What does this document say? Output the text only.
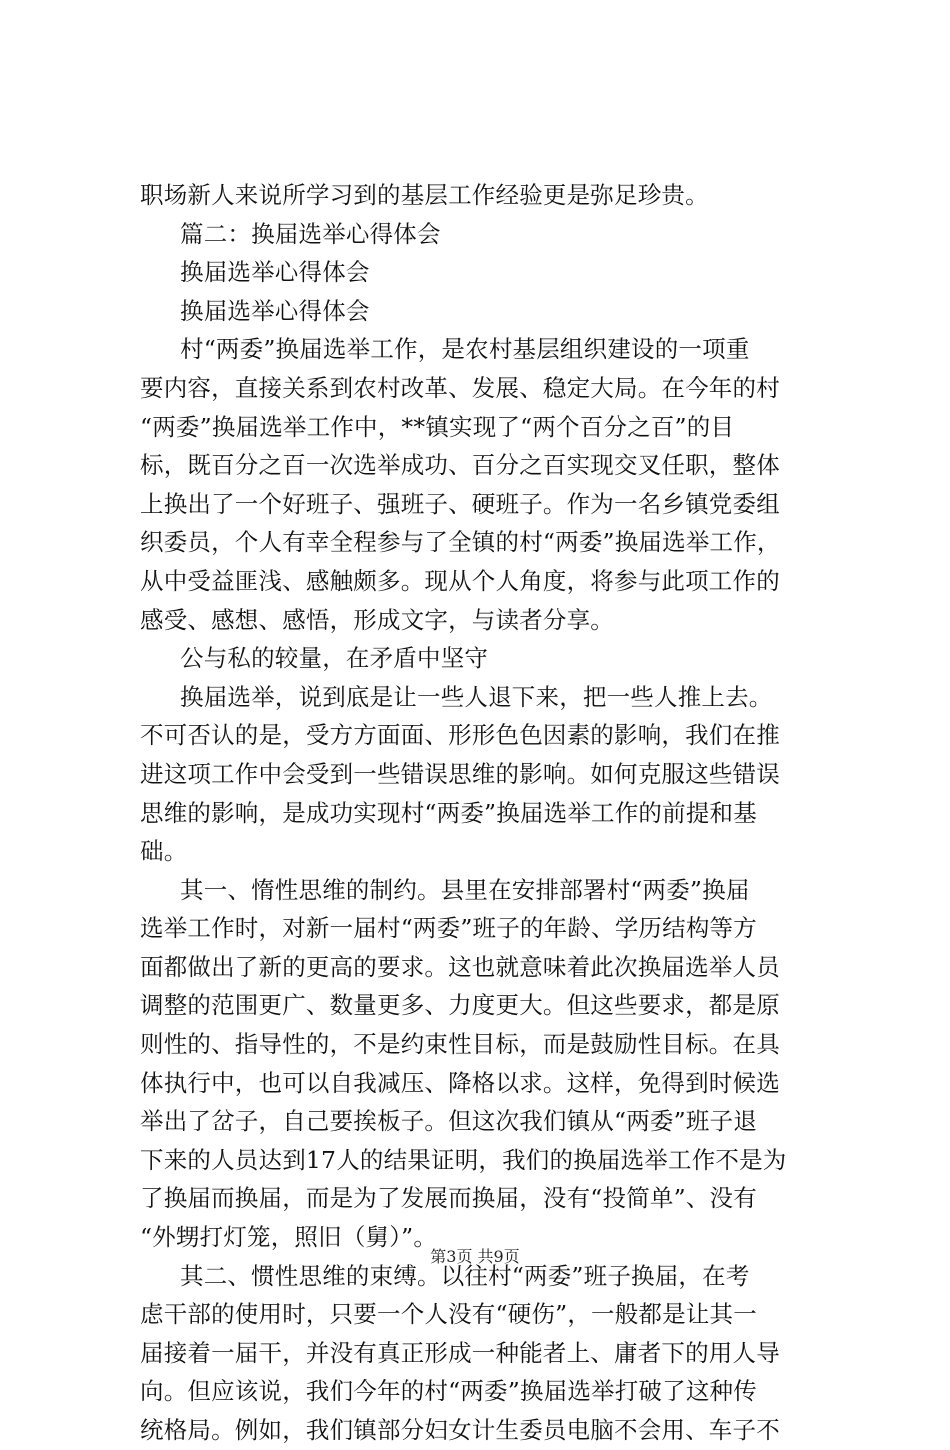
职场新人来说所学习到的基层工作经验更是弥足珍贵。
篇二：换届选举心得体会
换届选举心得体会
换届选举心得体会
村“两委”换届选举工作，是农村基层组织建设的一项重
要内容，直接关系到农村改革、发展、稳定大局。在今年的村
“两委”换届选举工作中，**镇实现了“两个百分之百”的目
标，既百分之百一次选举成功、百分之百实现交叉任职，整体
上换出了一个好班子、强班子、硬班子。作为一名乡镇党委组
织委员，个人有幸全程参与了全镇的村“两委”换届选举工作，
从中受益匪浅、感触颇多。现从个人角度，将参与此项工作的
感受、感想、感悟，形成文字，与读者分享。
公与私的较量，在矛盾中坚守
换届选举，说到底是让一些人退下来，把一些人推上去。
不可否认的是，受方方面面、形形色色因素的影响，我们在推
进这项工作中会受到一些错误思维的影响。如何克服这些错误
思维的影响，是成功实现村“两委”换届选举工作的前提和基
础。
其一、惰性思维的制约。县里在安排部署村“两委”换届
选举工作时，对新一届村“两委”班子的年龄、学历结构等方
面都做出了新的更高的要求。这也就意味着此次换届选举人员
调整的范围更广、数量更多、力度更大。但这些要求，都是原
则性的、指导性的，不是约束性目标，而是鼓励性目标。在具
体执行中，也可以自我减压、降格以求。这样，免得到时候选
举出了岔子，自己要挨板子。但这次我们镇从“两委”班子退
下来的人员达到17人的结果证明，我们的换届选举工作不是为
了换届而换届，而是为了发展而换届，没有“投简单”、没有
“外甥打灯笼，照旧（舅）”。
其二、惯性思维的束缚。以往村“两委”班子换届，在考
虑干部的使用时，只要一个人没有“硬伤”，一般都是让其一
届接着一届干，并没有真正形成一种能者上、庸者下的用人导
向。但应该说，我们今年的村“两委”换届选举打破了这种传
统格局。例如，我们镇部分妇女计生委员电脑不会用、车子不
第3页 共9页
